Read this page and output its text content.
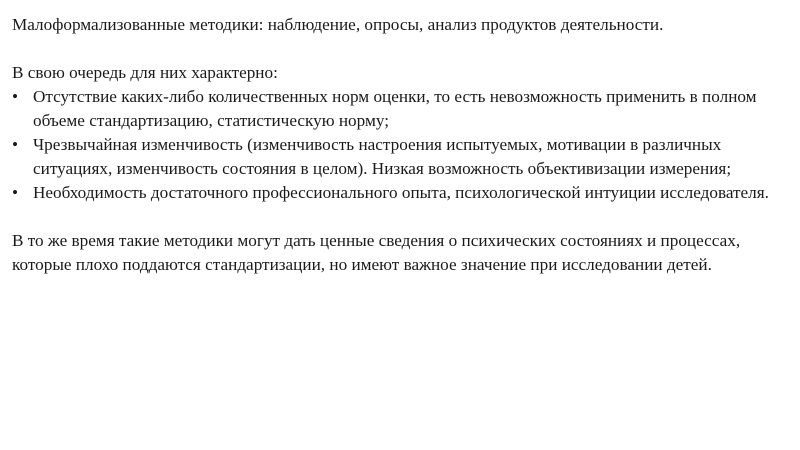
Малоформализованные методики: наблюдение, опросы, анализ продуктов деятельности.

В свою очередь для них характерно:

• Отсутствие каких-либо количественных норм оценки, то есть невозможность применить в полном объеме стандартизацию, статистическую норму;
• Чрезвычайная изменчивость (изменчивость настроения испытуемых, мотивации в различных ситуациях, изменчивость состояния в целом). Низкая возможность объективизации измерения;
• Необходимость достаточного профессионального опыта, психологической интуиции исследователя.

В то же время такие методики могут дать ценные сведения о психических состояниях и процессах, которые плохо поддаются стандартизации, но имеют важное значение при исследовании детей.
